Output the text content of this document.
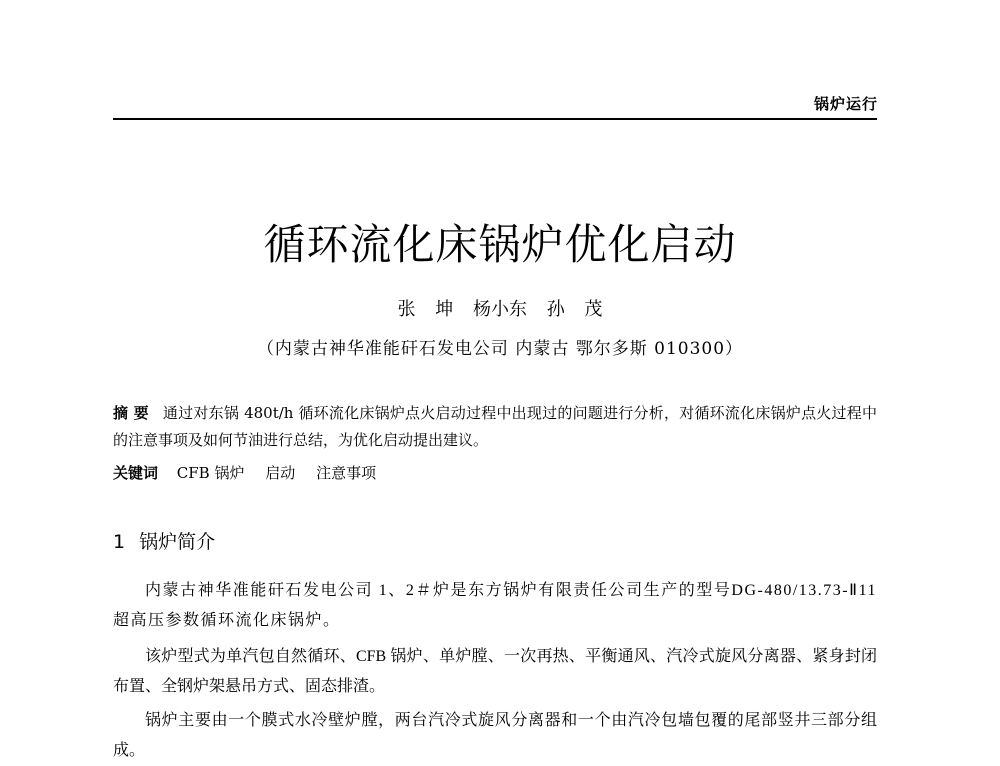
锅炉运行
循环流化床锅炉优化启动
张 坤 杨小东 孙 茂
（内蒙古神华准能矸石发电公司 内蒙古 鄂尔多斯 010300）
摘 要 通过对东锅 480t/h 循环流化床锅炉点火启动过程中出现过的问题进行分析，对循环流化床锅炉点火过程中的注意事项及如何节油进行总结，为优化启动提出建议。
关键词 CFB 锅炉 启动 注意事项
1 锅炉简介
内蒙古神华准能矸石发电公司 1、2＃炉是东方锅炉有限责任公司生产的型号DG-480/13.73-Ⅱ11 超高压参数循环流化床锅炉。
该炉型式为单汽包自然循环、CFB 锅炉、单炉膛、一次再热、平衡通风、汽冷式旋风分离器、紧身封闭布置、全钢炉架悬吊方式、固态排渣。
锅炉主要由一个膜式水冷壁炉膛，两台汽冷式旋风分离器和一个由汽冷包墙包覆的尾部竖井三部分组成。
